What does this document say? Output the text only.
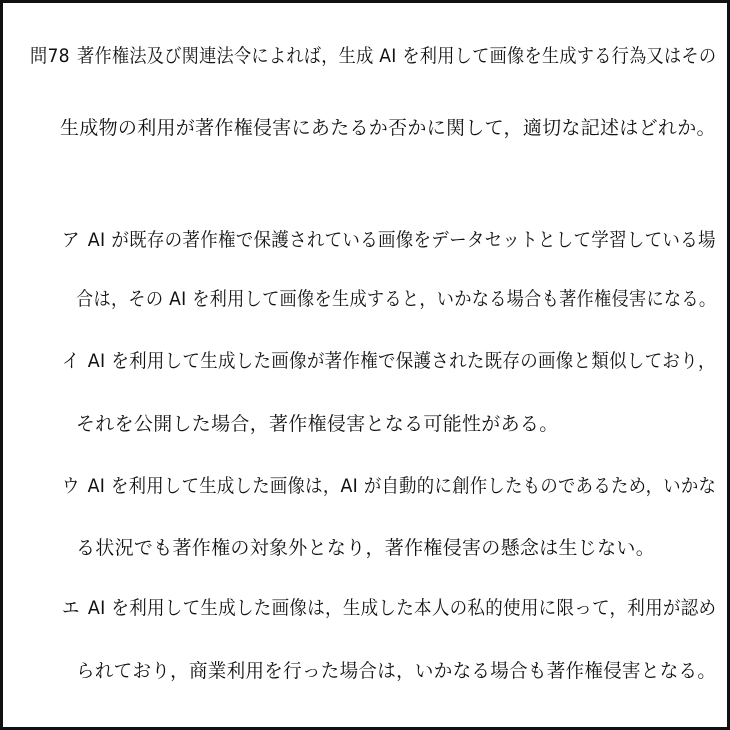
問78 著作権法及び関連法令によれば，生成 AI を利用して画像を生成する行為又はその
生成物の利用が著作権侵害にあたるか否かに関して，適切な記述はどれか。
ア AI が既存の著作権で保護されている画像をデータセットとして学習している場
合は，その AI を利用して画像を生成すると，いかなる場合も著作権侵害になる。
イ AI を利用して生成した画像が著作権で保護された既存の画像と類似しており，
それを公開した場合，著作権侵害となる可能性がある。
ウ AI を利用して生成した画像は，AI が自動的に創作したものであるため，いかな
る状況でも著作権の対象外となり，著作権侵害の懸念は生じない。
エ AI を利用して生成した画像は，生成した本人の私的使用に限って，利用が認め
られており，商業利用を行った場合は，いかなる場合も著作権侵害となる。
